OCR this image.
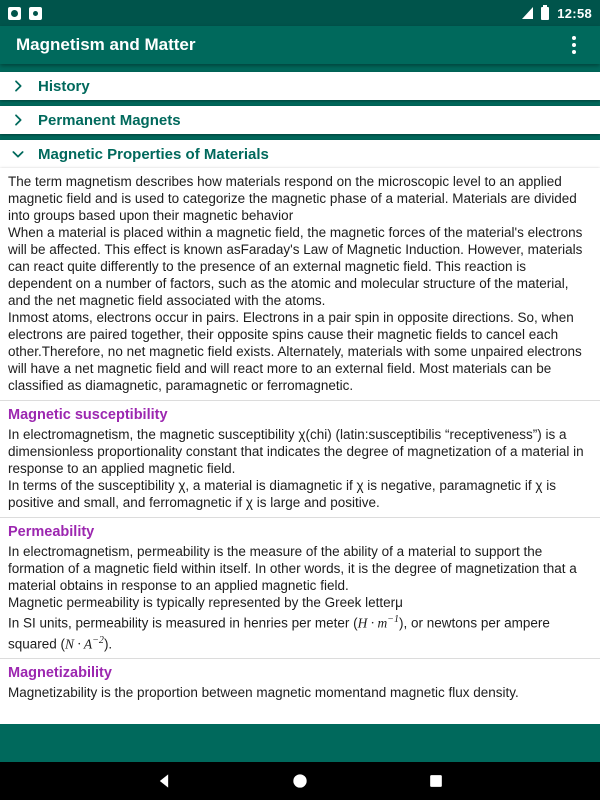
12:58
Magnetism and Matter
History
Permanent Magnets
Magnetic Properties of Materials

The term magnetism describes how materials respond on the microscopic level to an applied magnetic field and is used to categorize the magnetic phase of a material. Materials are divided into groups based upon their magnetic behavior

When a material is placed within a magnetic field, the magnetic forces of the material's electrons will be affected. This effect is known asFaraday's Law of Magnetic Induction. However, materials can react quite differently to the presence of an external magnetic field. This reaction is dependent on a number of factors, such as the atomic and molecular structure of the material, and the net magnetic field associated with the atoms.

Inmost atoms, electrons occur in pairs. Electrons in a pair spin in opposite directions. So, when electrons are paired together, their opposite spins cause their magnetic fields to cancel each other.Therefore, no net magnetic field exists. Alternately, materials with some unpaired electrons will have a net magnetic field and will react more to an external field. Most materials can be classified as diamagnetic, paramagnetic or ferromagnetic.

Magnetic susceptibility

In electromagnetism, the magnetic susceptibility χ(chi) (latin:susceptibilis “receptiveness”) is a dimensionless proportionality constant that indicates the degree of magnetization of a material in response to an applied magnetic field.

In terms of the susceptibility χ, a material is diamagnetic if χ is negative, paramagnetic if χ is positive and small, and ferromagnetic if χ is large and positive.

Permeability

In electromagnetism, permeability is the measure of the ability of a material to support the formation of a magnetic field within itself. In other words, it is the degree of magnetization that a material obtains in response to an applied magnetic field.

Magnetic permeability is typically represented by the Greek letterμ

In SI units, permeability is measured in henries per meter $(H \cdot m^{-1})$, or newtons per ampere squared $(N \cdot A^{-2})$.

Magnetizability

Magnetizability is the proportion between magnetic momentand magnetic flux density.
